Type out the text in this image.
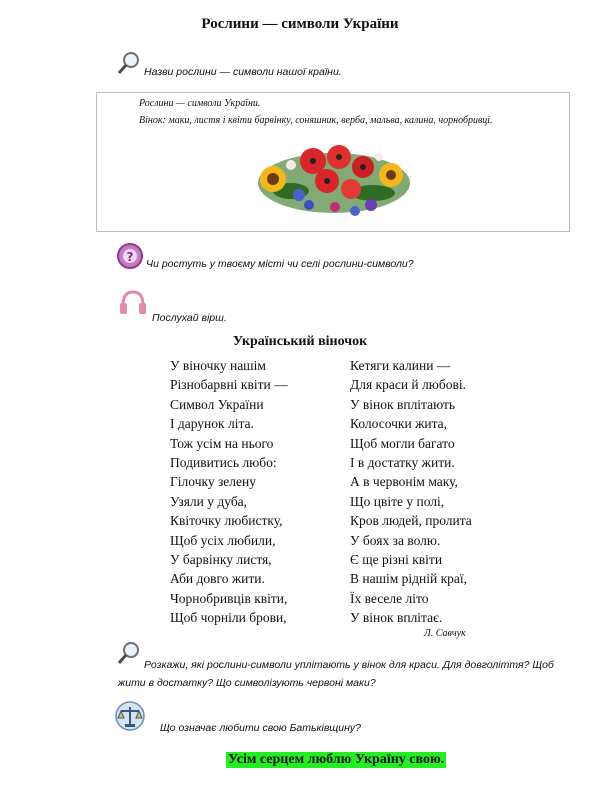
Рослини — символи України
Назви рослини — символи нашої країни.
Рослини — символи України.
Вінок: маки, листя і квіти барвінку, соняшник, верба, мальва, калина, чорнобривці.
? Чи ростуть у твоєму місті чи селі рослини-символи?
Послухай вірш.
Український віночок
У віночку нашім
Різнобарвні квіти —
Символ України
І дарунок літа.
Тож усім на нього
Подивитись любо:
Гілочку зелену
Узяли у дуба,
Квіточку любистку,
Щоб усіх любили,
У барвінку листя,
Аби довго жити.
Чорнобривців квіти,
Щоб чорніли брови,
Кетяги калини —
Для краси й любові.
У вінок вплітають
Колосочки жита,
Щоб могли багато
І в достатку жити.
А в червонім маку,
Що цвіте у полі,
Кров людей, пролита
У боях за волю.
Є ще різні квіти
В нашім рідній краї,
Їх веселе літо
У вінок вплітає.
Л. Савчук
Розкажи, які рослини-символи уплітають у вінок для краси. Для довголіття? Щоб жити в достатку? Що символізують червоні маки?
Що означає любити свою Батьківщину?
Усім серцем люблю Україну свою.
